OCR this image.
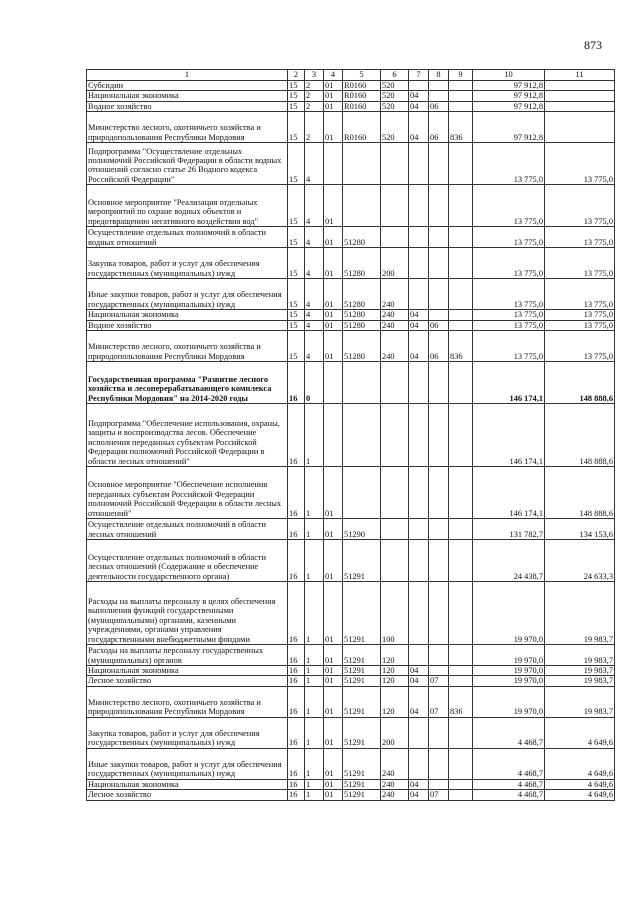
873
1	2	3	4	5	6	7	8	9	10	11
Субсидии	15	2	01	R0160	520				97 912,8	
Национальная экономика	15	2	01	R0160	520	04			97 912,8	
Водное хозяйство	15	2	01	R0160	520	04	06		97 912,8	
Министерство лесного, охотничьего хозяйства и природопользования Республики Мордовия	15	2	01	R0160	520	04	06	836	97 912,8	
Подпрограмма "Осуществление отдельных полномочий Российской Федерации в области водных отношений согласно статье 26 Водного кодекса Российской Федерации"	15	4							13 775,0	13 775,0
Основное мероприятие "Реализация отдельных мероприятий по охране водных объектов и предотвращению негативного воздействия вод"	15	4	01						13 775,0	13 775,0
Осуществление отдельных полномочий в области водных отношений	15	4	01	51280					13 775,0	13 775,0
Закупка товаров, работ и услуг для обеспечения государственных (муниципальных) нужд	15	4	01	51280	200				13 775,0	13 775,0
Иные закупки товаров, работ и услуг для обеспечения государственных (муниципальных) нужд	15	4	01	51280	240				13 775,0	13 775,0
Национальная экономика	15	4	01	51280	240	04			13 775,0	13 775,0
Водное хозяйство	15	4	01	51280	240	04	06		13 775,0	13 775,0
Министерство лесного, охотничьего хозяйства и природопользования Республики Мордовия	15	4	01	51280	240	04	06	836	13 775,0	13 775,0
Государственная программа "Развитие лесного хозяйства и лесоперерабатывающего комплекса Республики Мордовия" на 2014-2020 годы	16	0							146 174,1	148 888,6
Подпрограмма "Обеспечение использования, охраны, защиты и воспроизводства лесов. Обеспечение исполнения переданных субъектам Российской Федерации полномочий Российской Федерации в области лесных отношений"	16	1							146 174,1	148 888,6
Основное мероприятие "Обеспечение исполнения переданных субъектам Российской Федерации полномочий Российской Федерации в области лесных отношений"	16	1	01						146 174,1	148 888,6
Осуществление отдельных полномочий в области лесных отношений	16	1	01	51290					131 782,7	134 153,6
Осуществление отдельных полномочий в области лесных отношений (Содержание и обеспечение деятельности государственного органа)	16	1	01	51291					24 438,7	24 633,3
Расходы на выплаты персоналу в целях обеспечения выполнения функций государственными (муниципальными) органами, казенными учреждениями, органами управления государственными внебюджетными фондами	16	1	01	51291	100				19 970,0	19 983,7
Расходы на выплаты персоналу государственных (муниципальных) органов	16	1	01	51291	120				19 970,0	19 983,7
Национальная экономика	16	1	01	51291	120	04			19 970,0	19 983,7
Лесное хозяйство	16	1	01	51291	120	04	07		19 970,0	19 983,7
Министерство лесного, охотничьего хозяйства и природопользования Республики Мордовия	16	1	01	51291	120	04	07	836	19 970,0	19 983,7
Закупка товаров, работ и услуг для обеспечения государственных (муниципальных) нужд	16	1	01	51291	200				4 468,7	4 649,6
Иные закупки товаров, работ и услуг для обеспечения государственных (муниципальных) нужд	16	1	01	51291	240				4 468,7	4 649,6
Национальная экономика	16	1	01	51291	240	04			4 468,7	4 649,6
Лесное хозяйство	16	1	01	51291	240	04	07		4 468,7	4 649,6
